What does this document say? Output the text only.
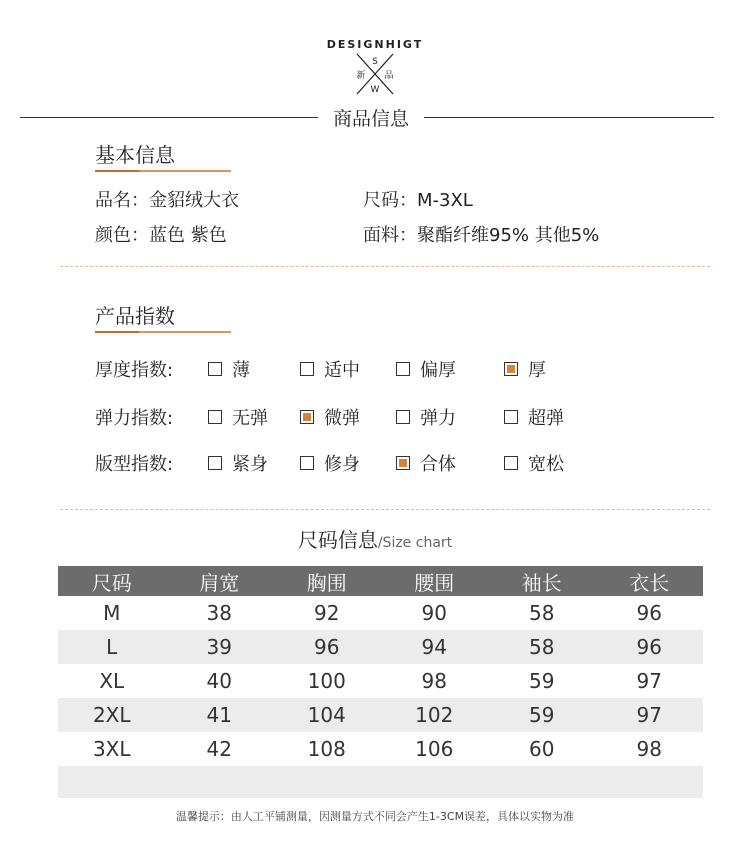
DESIGNHIGT
S
新 品
W
商品信息
基本信息
品名：金貂绒大衣	尺码：M-3XL
颜色：蓝色 紫色	面料：聚酯纤维95% 其他5%
产品指数
厚度指数:	薄	适中	偏厚	厚
弹力指数:	无弹	微弹	弹力	超弹
版型指数:	紧身	修身	合体	宽松
尺码信息/Size chart
尺码	肩宽	胸围	腰围	袖长	衣长
M	38	92	90	58	96
L	39	96	94	58	96
XL	40	100	98	59	97
2XL	41	104	102	59	97
3XL	42	108	106	60	98

温馨提示：由人工平铺测量，因测量方式不同会产生1-3CM误差，具体以实物为准
